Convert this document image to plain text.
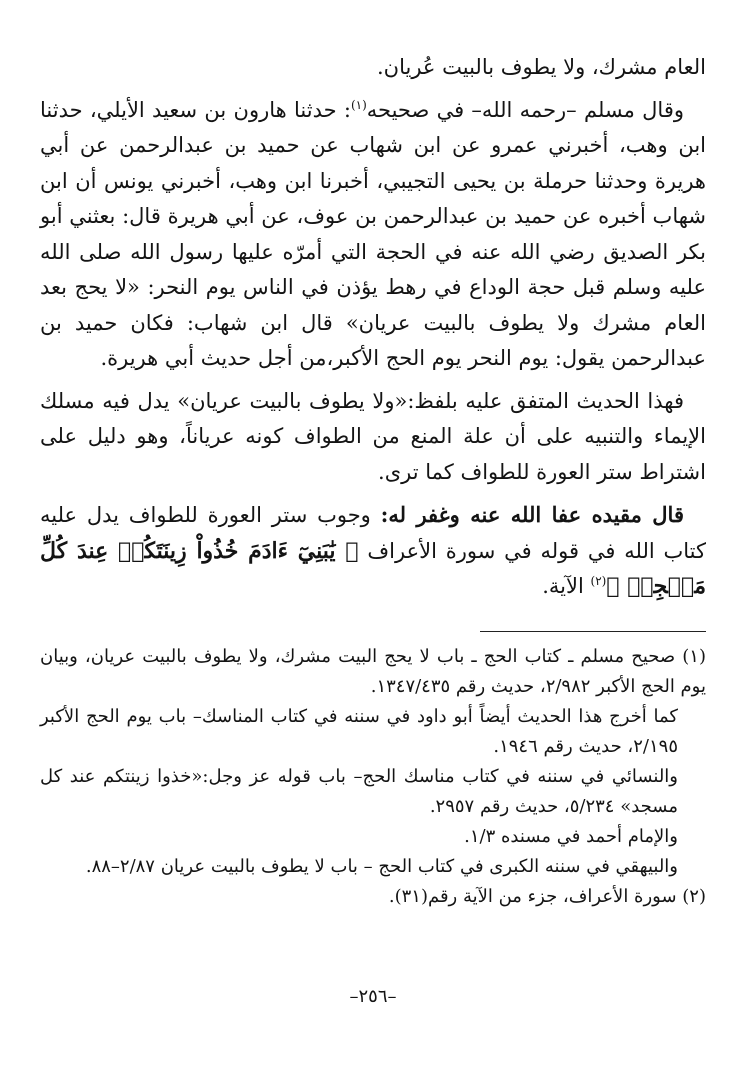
العام مشرك، ولا يطوف بالبيت عُريان.

وقال مسلم –رحمه الله– في صحيحه$^{(١)}$: حدثنا هارون بن سعيد الأيلي، حدثنا ابن وهب، أخبرني عمرو عن ابن شهاب عن حميد بن عبدالرحمن عن أبي هريرة وحدثنا حرملة بن يحيى التجيبي، أخبرنا ابن وهب، أخبرني يونس أن ابن شهاب أخبره عن حميد بن عبدالرحمن بن عوف، عن أبي هريرة قال: بعثني أبو بكر الصديق رضي الله عنه في الحجة التي أمرّه عليها رسول الله صلى الله عليه وسلم قبل حجة الوداع في رهط يؤذن في الناس يوم النحر: «لا يحج بعد العام مشرك ولا يطوف بالبيت عريان» قال ابن شهاب: فكان حميد بن عبدالرحمن يقول: يوم النحر يوم الحج الأكبر،من أجل حديث أبي هريرة.

فهذا الحديث المتفق عليه بلفظ:«ولا يطوف بالبيت عريان» يدل فيه مسلك الإيماء والتنبيه على أن علة المنع من الطواف كونه عرياناً، وهو دليل على اشتراط ستر العورة للطواف كما ترى.

قال مقيده عفا الله عنه وغفر له: وجوب ستر العورة للطواف يدل عليه كتاب الله في قوله في سورة الأعراف ﴿ يَٰبَنِيٓ ءَادَمَ خُذُواْ زِينَتَكُمۡ عِندَ كُلِّ مَسۡجِدٖ ﴾$^{(٢)}$ الآية.

(١) صحيح مسلم ـ كتاب الحج ـ باب لا يحج البيت مشرك، ولا يطوف بالبيت عريان، وبيان يوم الحج الأكبر ٢/٩٨٢، حديث رقم ١٣٤٧/٤٣٥.

كما أخرج هذا الحديث أيضاً أبو داود في سننه في كتاب المناسك– باب يوم الحج الأكبر ٢/١٩٥، حديث رقم ١٩٤٦.

والنسائي في سننه في كتاب مناسك الحج– باب قوله عز وجل:«خذوا زينتكم عند كل مسجد» ٥/٢٣٤، حديث رقم ٢٩٥٧.

والإمام أحمد في مسنده ١/٣.

والبيهقي في سننه الكبرى في كتاب الحج – باب لا يطوف بالبيت عريان ٢/٨٧–٨٨.

(٢) سورة الأعراف، جزء من الآية رقم(٣١).

–٢٥٦–
